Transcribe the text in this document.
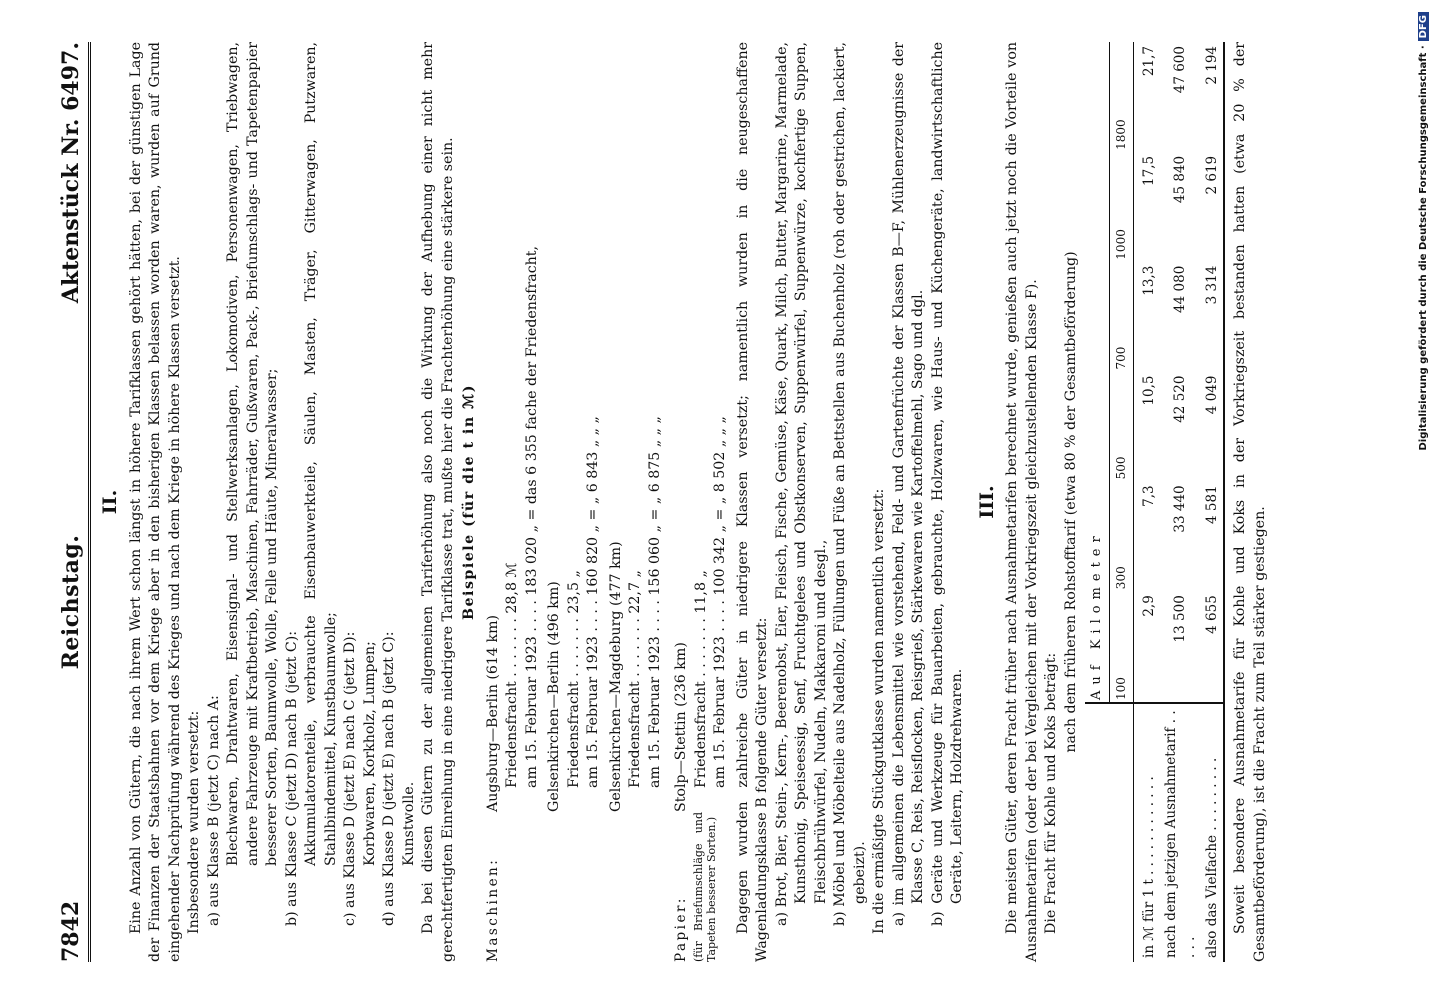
7842
Reichstag.
Aktenstück Nr. 6497.
II. Eine Anzahl von Gütern, die nach ihrem Wert schon längst in höhere Tarifklassen gehört hätten, bei der günstigen Lage der Finanzen der Staatsbahnen vor dem Kriege aber in den bisherigen Klassen belassen worden waren, wurden auf Grund eingehender Nachprüfung während des Krieges und nach dem Kriege in höhere Klassen versetzt. Insbesondere wurden versetzt: a) aus Klasse B (jetzt C) nach A: Blechwaren, Drahtwaren, Eisensignal- und Stellwerksanlagen, Lokomotiven, Personenwagen, Triebwagen, andere Fahrzeuge mit Kraftbetrieb, Maschinen, Fahrräder, Gußwaren, Pack-, Briefumschlags- und Tapetenpapier besserer Sorten, Baumwolle, Wolle, Felle und Häute, Mineralwasser; b) aus Klasse C (jetzt D) nach B (jetzt C): Akkumulatorenteile, verbrauchte Eisenbauwerkteile, Säulen, Masten, Träger, Gitterwagen, Putzwaren, Stahlbindemittel, Kunstbaumwolle; c) aus Klasse D (jetzt E) nach C (jetzt D): Korbwaren, Korkholz, Lumpen; d) aus Klasse D (jetzt E) nach B (jetzt C): Kunstwolle. Da bei diesen Gütern zu der allgemeinen Tariferhöhung also noch die Wirkung der Aufhebung einer nicht mehr gerechtfertigten Einreihung in eine niedrigere Tarifklasse trat, mußte hier die Frachterhöhung eine stärkere sein. Beispiele (für die t in ℳ)
Maschinen:
Augsburg—Berlin (614 km) Friedensfracht . . . . . . . 28,8 ℳ am 15. Februar 1923 . . . . 183 020 „ = das 6 355 fache der Friedensfracht, Gelsenkirchen—Berlin (496 km) Friedensfracht . . . . . . . 23,5 „ am 15. Februar 1923 . . . . 160 820 „ = „ 6 843 „ „ „ Gelsenkirchen—Magdeburg (477 km) Friedensfracht . . . . . . . 22,7 „ am 15. Februar 1923 . . . . 156 060 „ = „ 6 875 „ „ „
Papier: (für Briefumschläge und Tapeten besserer Sorten.)
Stolp—Stettin (236 km) Friedensfracht . . . . . . . 11,8 „ am 15. Februar 1923 . . . . 100 342 „ = „ 8 502 „ „ „ Dagegen wurden zahlreiche Güter in niedrigere Klassen versetzt; namentlich wurden in die neugeschaffene Wagenladungsklasse B folgende Güter versetzt: a) Brot, Bier, Stein-, Kern-, Beerenobst, Eier, Fleisch, Fische, Gemüse, Käse, Quark, Milch, Butter, Margarine, Marmelade, Kunsthonig, Speiseessig, Senf, Fruchtgelees und Obstkonserven, Suppenwürfel, Suppenwürze, kochfertige Suppen, Fleischbrühwürfel, Nudeln, Makkaroni und desgl., b) Möbel und Möbelteile aus Nadelholz, Füllungen und Füße an Bettstellen aus Buchenholz (roh oder gestrichen, lackiert, gebeizt). In die ermäßigte Stückgutklasse wurden namentlich versetzt: a) im allgemeinen die Lebensmittel wie vorstehend, Feld- und Gartenfrüchte der Klassen B—F, Mühlenerzeugnisse der Klasse C, Reis, Reisflocken, Reisgrieß, Stärkewaren wie Kartoffelmehl, Sago und dgl. b) Geräte und Werkzeuge für Bauarbeiten, gebrauchte, Holzwaren, wie Haus- und Küchengeräte, landwirtschaftliche Geräte, Leitern, Holzdrehwaren.

III. Die meisten Güter, deren Fracht früher nach Ausnahmetarifen berechnet wurde, genießen auch jetzt noch die Vorteile von Ausnahmetarifen (oder der bei Vergleichen mit der Vorkriegszeit gleichzustellenden Klasse F). Die Fracht für Kohle und Koks beträgt:

nach dem früheren Rohstofftarif (etwa 80 % der Gesamtbeförderung)

	Auf Kilometer					
	100	300	500	700	1000	1800
in ℳ für 1 t . . . . . . . . . . . .	2,9	7,3	10,5	13,3	17,5	21,7
nach dem jetzigen Ausnahmetarif . . . . .	13 500	33 440	42 520	44 080	45 840	47 600
also das Vielfache . . . . . . . . .	4 655	4 581	4 049	3 314	2 619	2 194 Soweit besondere Ausnahmetarife für Kohle und Koks in der Vorkriegszeit bestanden hatten (etwa 20 % der Gesamtbeförderung), ist die Fracht zum Teil stärker gestiegen.

Digitalisierung gefördert durch die Deutsche Forschungsgemeinschaft ·DFG
